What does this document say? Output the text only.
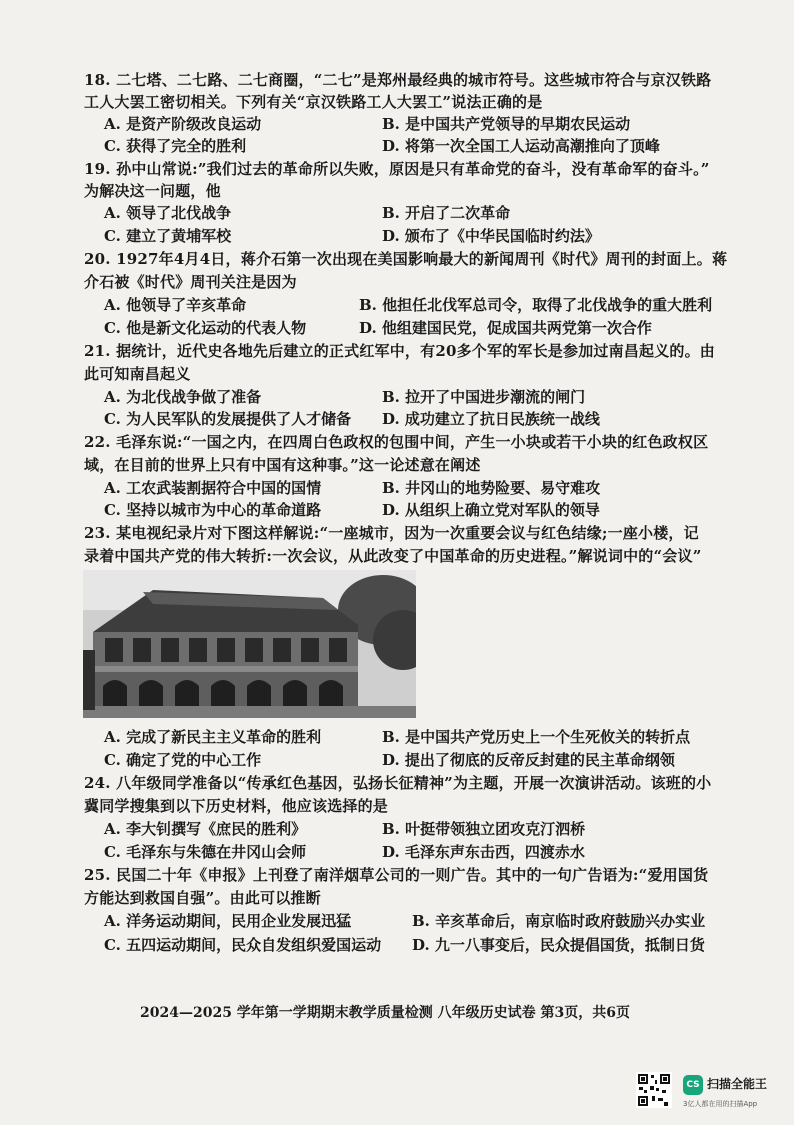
18. 二七塔、二七路、二七商圈，“二七”是郑州最经典的城市符号。这些城市符合与京汉铁路
工人大罢工密切相关。下列有关“京汉铁路工人大罢工”说法正确的是
A. 是资产阶级改良运动	B. 是中国共产党领导的早期农民运动
C. 获得了完全的胜利	D. 将第一次全国工人运动高潮推向了顶峰
19. 孙中山常说:”我们过去的革命所以失败，原因是只有革命党的奋斗，没有革命军的奋斗。”
为解决这一问题，他
A. 领导了北伐战争	B. 开启了二次革命
C. 建立了黄埔军校	D. 颁布了《中华民国临时约法》
20. 1927年4月4日，蒋介石第一次出现在美国影响最大的新闻周刊《时代》周刊的封面上。蒋
介石被《时代》周刊关注是因为
A. 他领导了辛亥革命	B. 他担任北伐军总司令，取得了北伐战争的重大胜利
C. 他是新文化运动的代表人物	D. 他组建国民党，促成国共两党第一次合作
21. 据统计，近代史各地先后建立的正式红军中，有20多个军的军长是参加过南昌起义的。由
此可知南昌起义
A. 为北伐战争做了准备	B. 拉开了中国进步潮流的闸门
C. 为人民军队的发展提供了人才储备 D. 成功建立了抗日民族统一战线
22. 毛泽东说:“一国之内，在四周白色政权的包围中间，产生一小块或若干小块的红色政权区
域，在目前的世界上只有中国有这种事。”这一论述意在阐述
A. 工农武装割据符合中国的国情	B. 井冈山的地势险要、易守难攻
C. 坚持以城市为中心的革命道路	D. 从组织上确立党对军队的领导
23. 某电视纪录片对下图这样解说:“一座城市，因为一次重要会议与红色结缘;一座小楼，记
录着中国共产党的伟大转折:一次会议，从此改变了中国革命的历史进程。”解说词中的“会议”
A. 完成了新民主主义革命的胜利	B. 是中国共产党历史上一个生死攸关的转折点
C. 确定了党的中心工作	D. 提出了彻底的反帝反封建的民主革命纲领
24. 八年级同学准备以“传承红色基因，弘扬长征精神”为主题，开展一次演讲活动。该班的小
冀同学搜集到以下历史材料，他应该选择的是
A. 李大钊撰写《庶民的胜利》	B. 叶挺带领独立团攻克汀泗桥
C. 毛泽东与朱德在井冈山会师	D. 毛泽东声东击西，四渡赤水
25. 民国二十年《申报》上刊登了南洋烟草公司的一则广告。其中的一句广告语为:“爱用国货
方能达到救国自强”。由此可以推断
A. 洋务运动期间，民用企业发展迅猛	B. 辛亥革命后，南京临时政府鼓励兴办实业
C. 五四运动期间，民众自发组织爱国运动 D. 九一八事变后，民众提倡国货，抵制日货
2024—2025 学年第一学期期末教学质量检测 八年级历史试卷 第3页，共6页
CS 扫描全能王
3亿人都在用的扫描App
